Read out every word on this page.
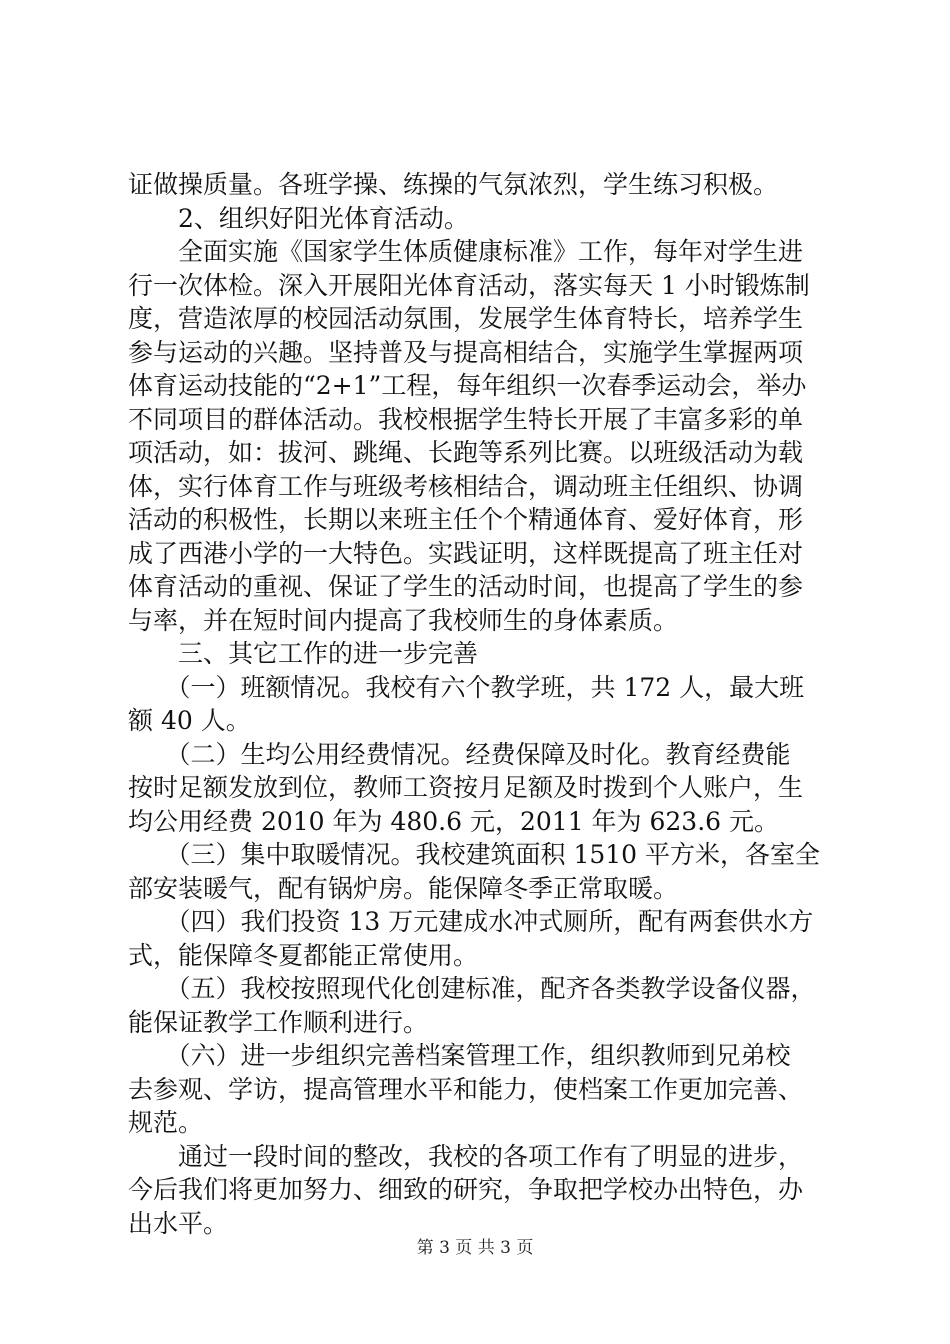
证做操质量。各班学操、练操的气氛浓烈，学生练习积极。
　　2、组织好阳光体育活动。
　　全面实施《国家学生体质健康标准》工作，每年对学生进
行一次体检。深入开展阳光体育活动，落实每天 1 小时锻炼制
度，营造浓厚的校园活动氛围，发展学生体育特长，培养学生
参与运动的兴趣。坚持普及与提高相结合，实施学生掌握两项
体育运动技能的“2+1”工程，每年组织一次春季运动会，举办
不同项目的群体活动。我校根据学生特长开展了丰富多彩的单
项活动，如：拔河、跳绳、长跑等系列比赛。以班级活动为载
体，实行体育工作与班级考核相结合，调动班主任组织、协调
活动的积极性，长期以来班主任个个精通体育、爱好体育，形
成了西港小学的一大特色。实践证明，这样既提高了班主任对
体育活动的重视、保证了学生的活动时间，也提高了学生的参
与率，并在短时间内提高了我校师生的身体素质。
　　三、其它工作的进一步完善
　　（一）班额情况。我校有六个教学班，共 172 人，最大班
额 40 人。
　　（二）生均公用经费情况。经费保障及时化。教育经费能
按时足额发放到位，教师工资按月足额及时拨到个人账户，生
均公用经费 2010 年为 480.6 元，2011 年为 623.6 元。
　　（三）集中取暖情况。我校建筑面积 1510 平方米，各室全
部安装暖气，配有锅炉房。能保障冬季正常取暖。
　　（四）我们投资 13 万元建成水冲式厕所，配有两套供水方
式，能保障冬夏都能正常使用。
　　（五）我校按照现代化创建标准，配齐各类教学设备仪器，
能保证教学工作顺利进行。
　　（六）进一步组织完善档案管理工作，组织教师到兄弟校
去参观、学访，提高管理水平和能力，使档案工作更加完善、
规范。
　　通过一段时间的整改，我校的各项工作有了明显的进步，
今后我们将更加努力、细致的研究，争取把学校办出特色，办
出水平。
第 3 页 共 3 页
